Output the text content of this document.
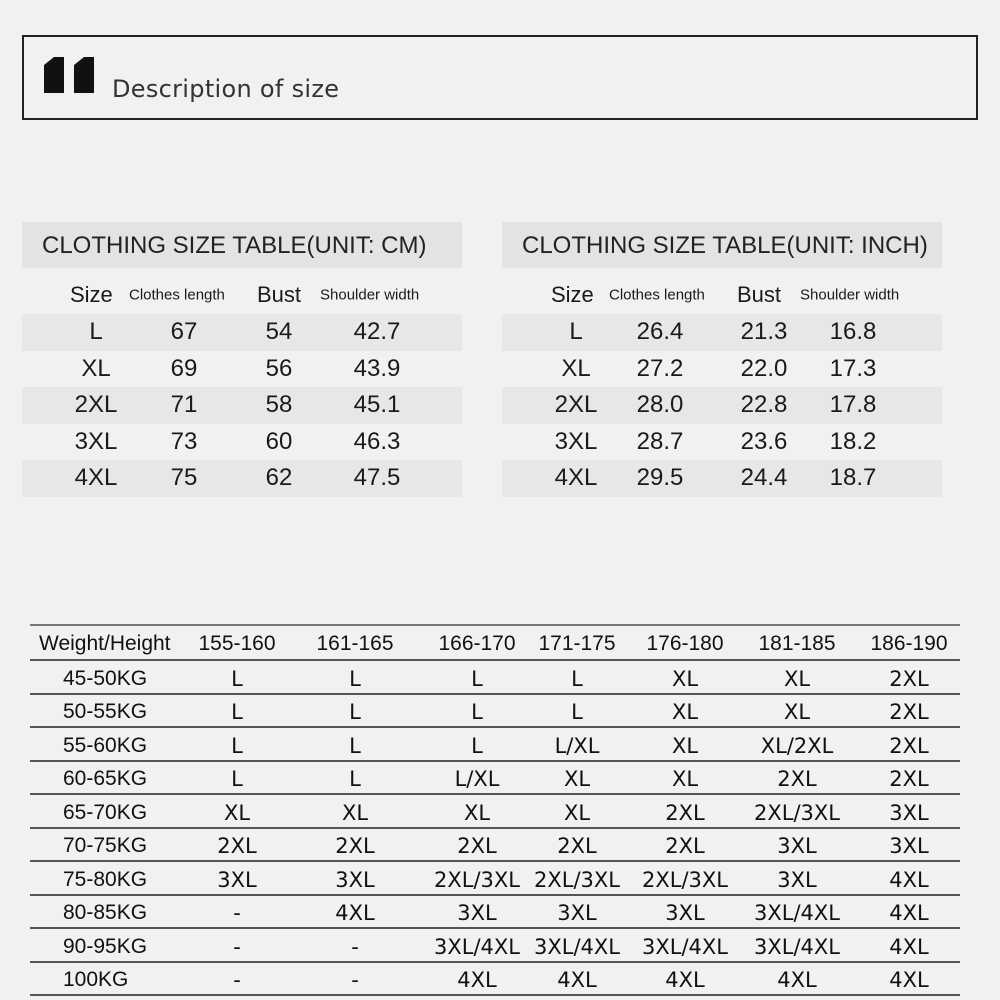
Description of size
CLOTHING SIZE TABLE(UNIT: CM)
Size Clothes length Bust Shoulder width
L	67	54	42.7
XL 69	56	43.9
2XL 71	58	45.1
3XL 73	60	46.3
4XL 75	62	47.5
CLOTHING SIZE TABLE(UNIT: INCH)
Size Clothes length Bust Shoulder width
L 26.4 21.3 16.8
XL 27.2 22.0 17.3
2XL 28.0 22.8 17.8
3XL 28.7 23.6 18.2
4XL 29.5 24.4 18.7
Weight/Height 155-160 161-165 166-170 171-175 176-180 181-185 186-190
45-50KG	L	L	L	L	XL	XL	2XL
50-55KG	L	L	L	L	XL	XL	2XL
55-60KG	L	L	L	L/XL	XL	XL/2XL	2XL
60-65KG	L	L	L/XL	XL	XL	2XL	2XL
65-70KG	XL	XL	XL	XL	2XL 2XL/3XL 3XL
70-75KG	2XL	2XL	2XL	2XL	2XL	3XL	3XL
75-80KG	3XL	3XL	2XL/3XL 2XL/3XL 2XL/3XL 3XL	4XL
80-85KG	-	4XL	3XL	3XL	3XL 3XL/4XL 4XL
90-95KG	-	-	3XL/4XL 3XL/4XL 3XL/4XL 3XL/4XL 4XL
100KG	-	-	4XL	4XL	4XL	4XL	4XL
